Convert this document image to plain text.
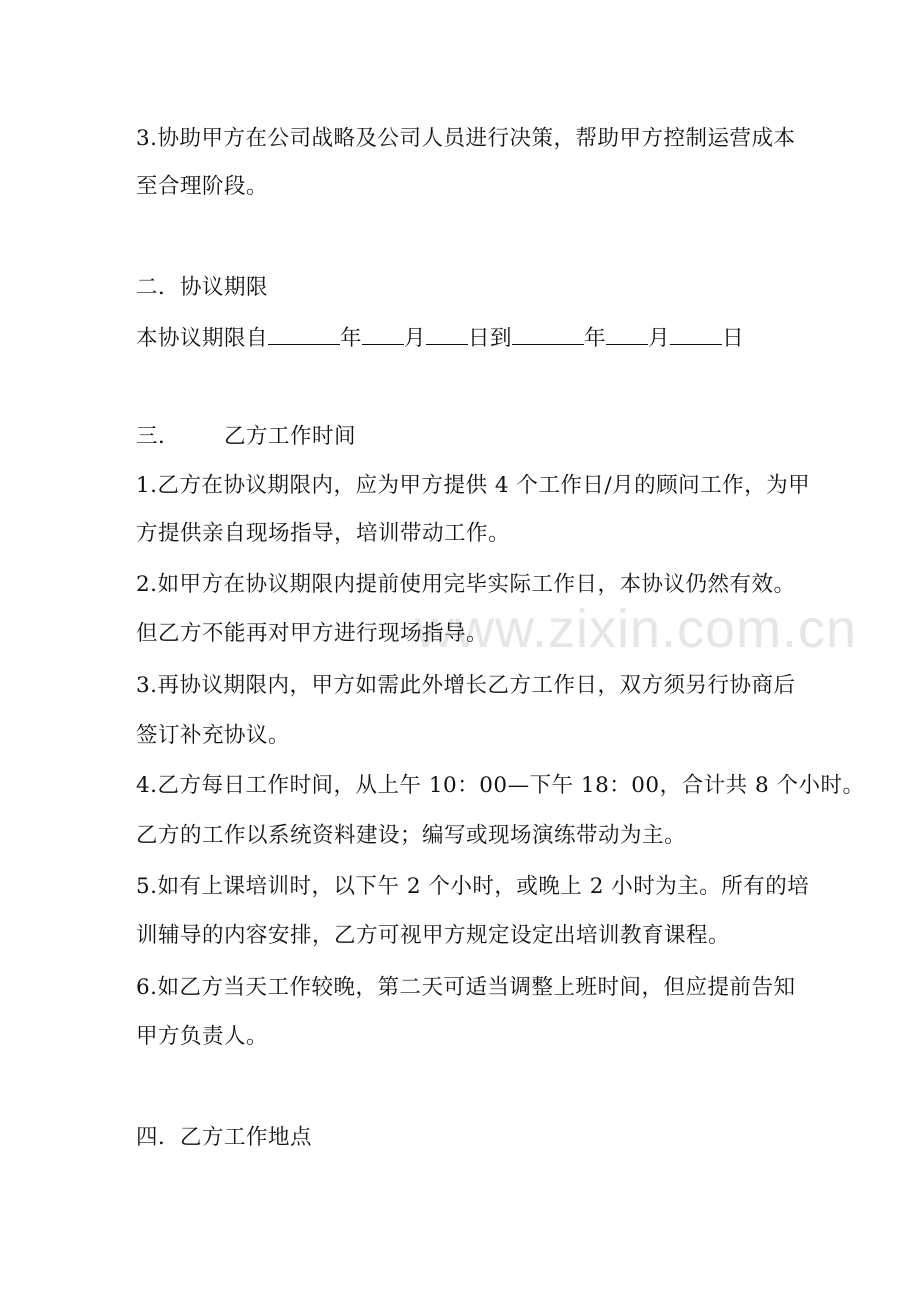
www.zixin.com.cn
3.协助甲方在公司战略及公司人员进行决策，帮助甲方控制运营成本
至合理阶段。
二．协议期限
本协议期限自	年 月 日到	年 月 日
三． 乙方工作时间
1.乙方在协议期限内，应为甲方提供 4 个工作日/月的顾问工作，为甲
方提供亲自现场指导，培训带动工作。
2.如甲方在协议期限内提前使用完毕实际工作日，本协议仍然有效。
但乙方不能再对甲方进行现场指导。
3.再协议期限内，甲方如需此外增长乙方工作日，双方须另行协商后
签订补充协议。
4.乙方每日工作时间，从上午 10：00—下午 18：00，合计共 8 个小时。
乙方的工作以系统资料建设；编写或现场演练带动为主。
5.如有上课培训时，以下午 2 个小时，或晚上 2 小时为主。所有的培
训辅导的内容安排，乙方可视甲方规定设定出培训教育课程。
6.如乙方当天工作较晚，第二天可适当调整上班时间，但应提前告知
甲方负责人。
四．乙方工作地点
